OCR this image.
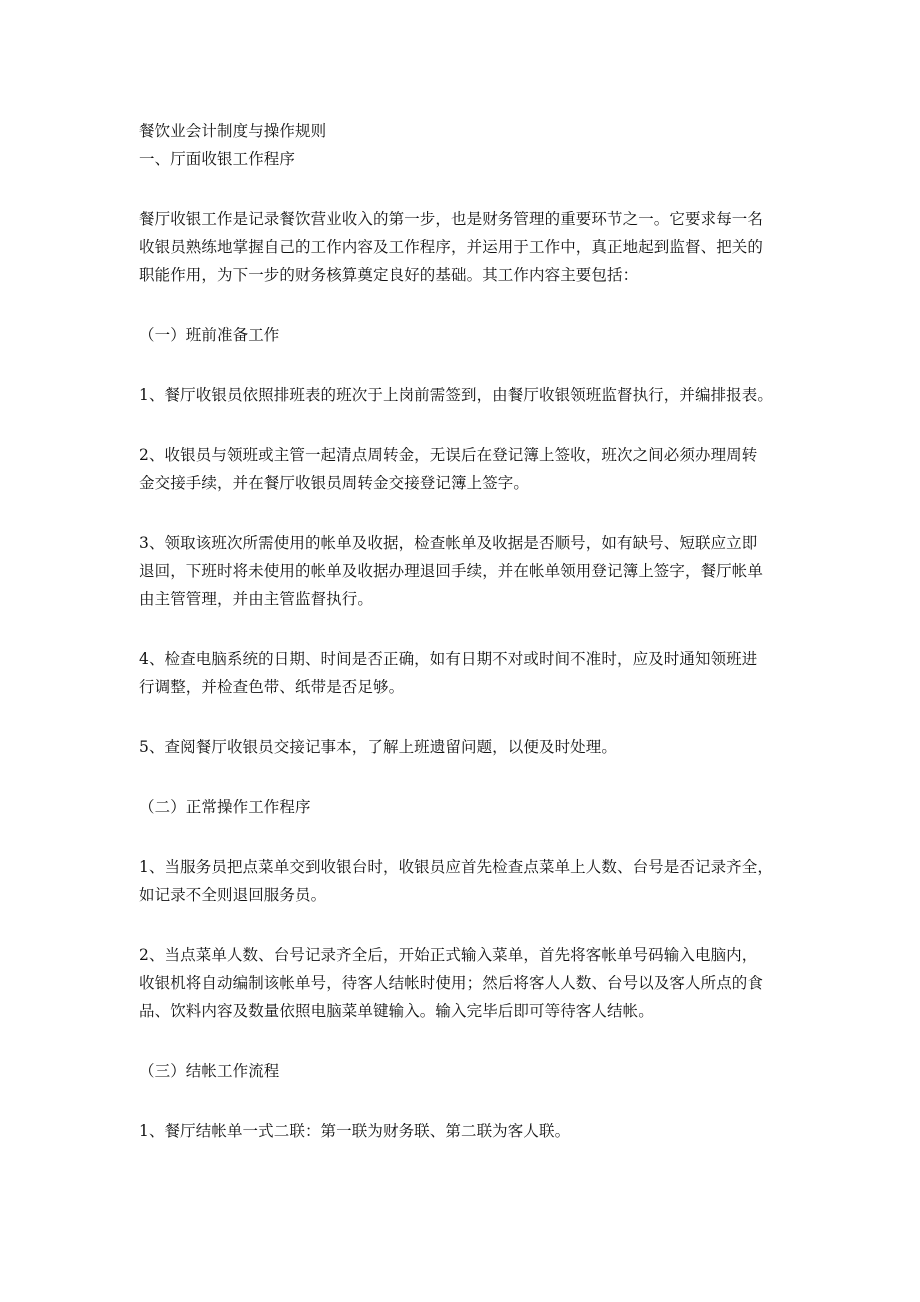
餐饮业会计制度与操作规则

一、厅面收银工作程序

餐厅收银工作是记录餐饮营业收入的第一步，也是财务管理的重要环节之一。它要求每一名
收银员熟练地掌握自己的工作内容及工作程序，并运用于工作中，真正地起到监督、把关的
职能作用，为下一步的财务核算奠定良好的基础。其工作内容主要包括：

（一）班前准备工作

1、餐厅收银员依照排班表的班次于上岗前需签到，由餐厅收银领班监督执行，并编排报表。
2、收银员与领班或主管一起清点周转金，无误后在登记簿上签收，班次之间必须办理周转
金交接手续，并在餐厅收银员周转金交接登记簿上签字。
3、领取该班次所需使用的帐单及收据，检查帐单及收据是否顺号，如有缺号、短联应立即
退回，下班时将未使用的帐单及收据办理退回手续，并在帐单领用登记簿上签字，餐厅帐单
由主管管理，并由主管监督执行。
4、检查电脑系统的日期、时间是否正确，如有日期不对或时间不准时，应及时通知领班进
行调整，并检查色带、纸带是否足够。
5、查阅餐厅收银员交接记事本，了解上班遗留问题，以便及时处理。

（二）正常操作工作程序

1、当服务员把点菜单交到收银台时，收银员应首先检查点菜单上人数、台号是否记录齐全，
如记录不全则退回服务员。
2、当点菜单人数、台号记录齐全后，开始正式输入菜单，首先将客帐单号码输入电脑内，
收银机将自动编制该帐单号，待客人结帐时使用；然后将客人人数、台号以及客人所点的食
品、饮料内容及数量依照电脑菜单键输入。输入完毕后即可等待客人结帐。

（三）结帐工作流程

1、餐厅结帐单一式二联：第一联为财务联、第二联为客人联。
